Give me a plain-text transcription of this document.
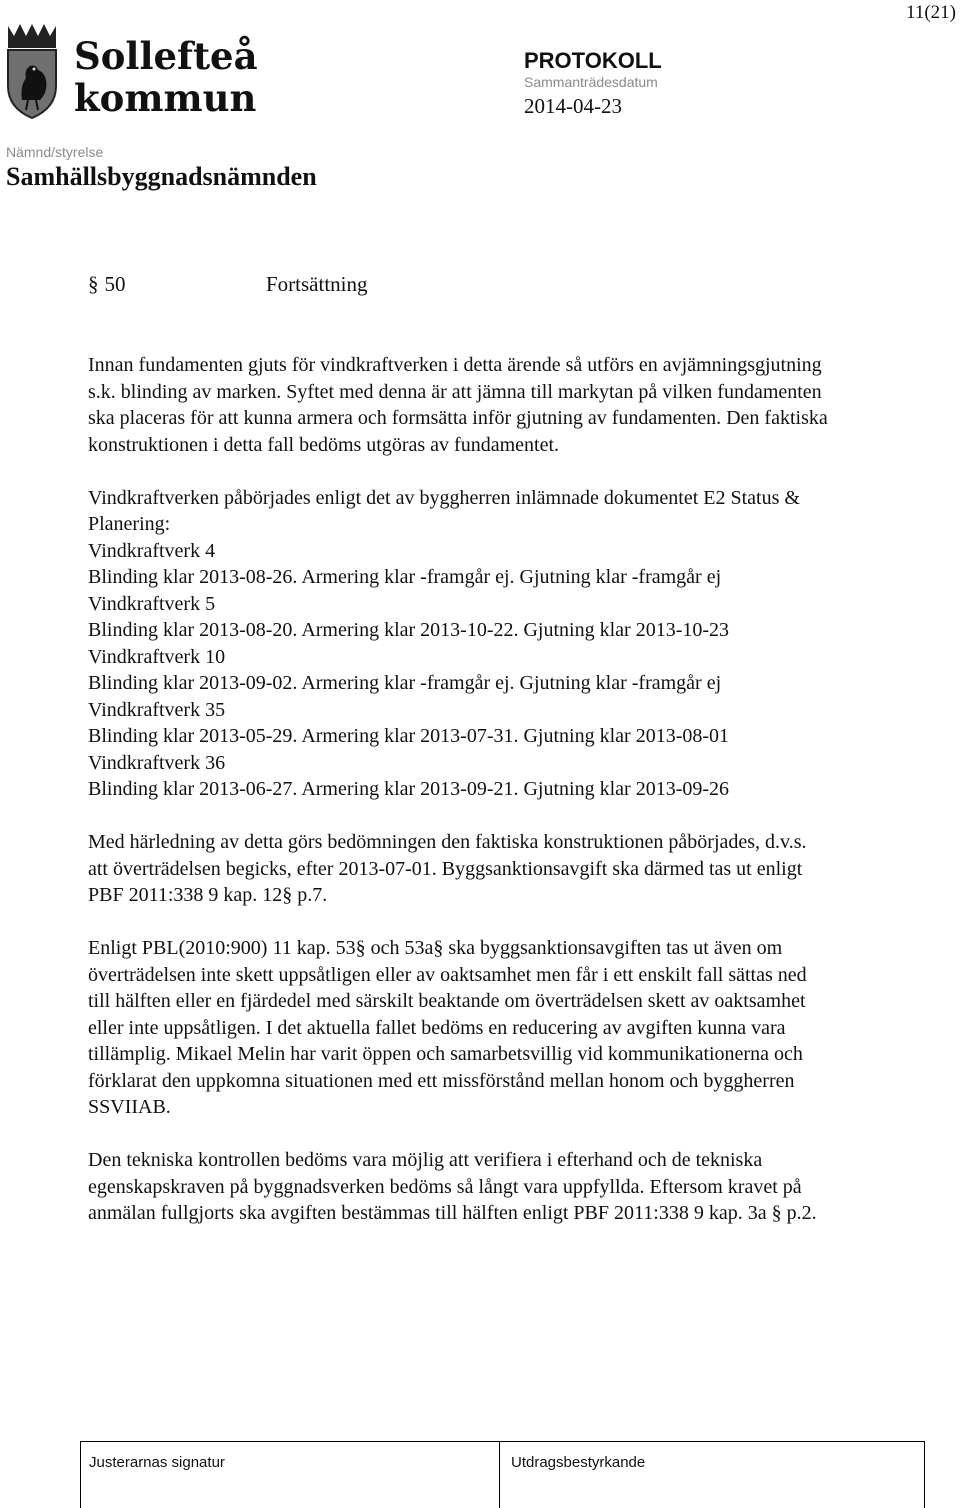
11(21)
Sollefteå
kommun
PROTOKOLL
Sammanträdesdatum
2014-04-23
Nämnd/styrelse
Samhällsbyggnadsnämnden
§ 50	Fortsättning

Innan fundamenten gjuts för vindkraftverken i detta ärende så utförs en avjämningsgjutning
s.k. blinding av marken. Syftet med denna är att jämna till markytan på vilken fundamenten
ska placeras för att kunna armera och formsätta inför gjutning av fundamenten. Den faktiska
konstruktionen i detta fall bedöms utgöras av fundamentet.

Vindkraftverken påbörjades enligt det av byggherren inlämnade dokumentet E2 Status &
Planering:
Vindkraftverk 4
Blinding klar 2013-08-26. Armering klar -framgår ej. Gjutning klar -framgår ej
Vindkraftverk 5
Blinding klar 2013-08-20. Armering klar 2013-10-22. Gjutning klar 2013-10-23
Vindkraftverk 10
Blinding klar 2013-09-02. Armering klar -framgår ej. Gjutning klar -framgår ej
Vindkraftverk 35
Blinding klar 2013-05-29. Armering klar 2013-07-31. Gjutning klar 2013-08-01
Vindkraftverk 36
Blinding klar 2013-06-27. Armering klar 2013-09-21. Gjutning klar 2013-09-26

Med härledning av detta görs bedömningen den faktiska konstruktionen påbörjades, d.v.s.
att överträdelsen begicks, efter 2013-07-01. Byggsanktionsavgift ska därmed tas ut enligt
PBF 2011:338 9 kap. 12§ p.7.

Enligt PBL(2010:900) 11 kap. 53§ och 53a§ ska byggsanktionsavgiften tas ut även om
överträdelsen inte skett uppsåtligen eller av oaktsamhet men får i ett enskilt fall sättas ned
till hälften eller en fjärdedel med särskilt beaktande om överträdelsen skett av oaktsamhet
eller inte uppsåtligen. I det aktuella fallet bedöms en reducering av avgiften kunna vara
tillämplig. Mikael Melin har varit öppen och samarbetsvillig vid kommunikationerna och
förklarat den uppkomna situationen med ett missförstånd mellan honom och byggherren
SSVIIAB.

Den tekniska kontrollen bedöms vara möjlig att verifiera i efterhand och de tekniska
egenskapskraven på byggnadsverken bedöms så långt vara uppfyllda. Eftersom kravet på
anmälan fullgjorts ska avgiften bestämmas till hälften enligt PBF 2011:338 9 kap. 3a § p.2.

Justerarnas signatur	Utdragsbestyrkande
